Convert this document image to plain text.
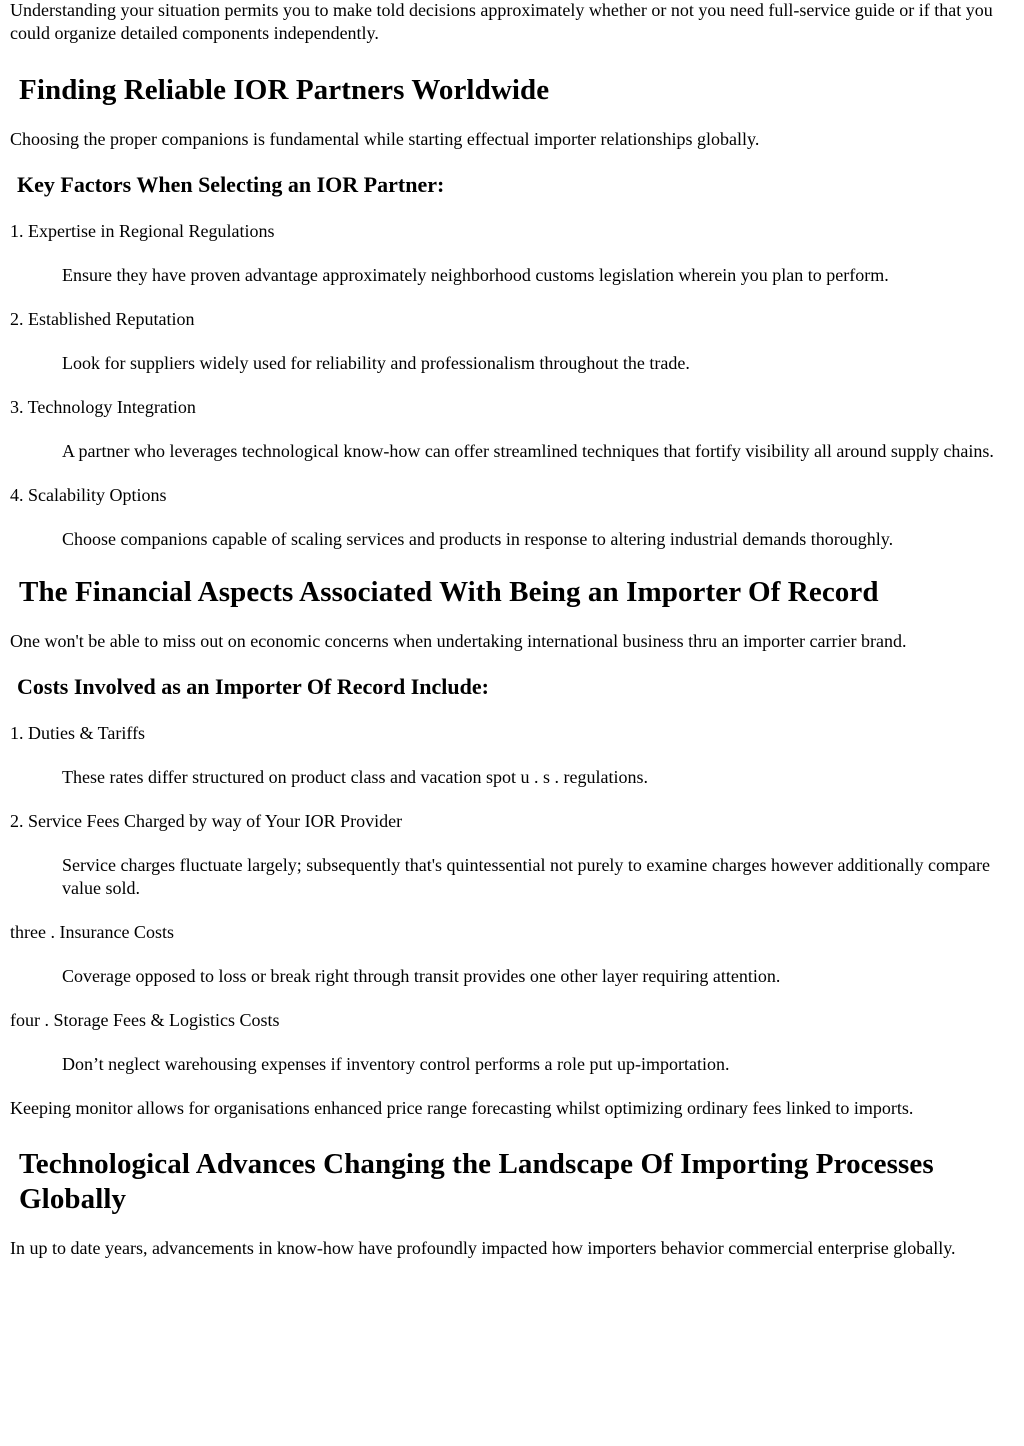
Understanding your situation permits you to make told decisions approximately whether or not you need full-service guide or if that you could organize detailed components independently.

Finding Reliable IOR Partners Worldwide

Choosing the proper companions is fundamental while starting effectual importer relationships globally.

Key Factors When Selecting an IOR Partner:

1. Expertise in Regional Regulations

Ensure they have proven advantage approximately neighborhood customs legislation wherein you plan to perform.

2. Established Reputation

Look for suppliers widely used for reliability and professionalism throughout the trade.

3. Technology Integration

A partner who leverages technological know-how can offer streamlined techniques that fortify visibility all around supply chains.

4. Scalability Options

Choose companions capable of scaling services and products in response to altering industrial demands thoroughly.

The Financial Aspects Associated With Being an Importer Of Record

One won't be able to miss out on economic concerns when undertaking international business thru an importer carrier brand.

Costs Involved as an Importer Of Record Include:

1. Duties & Tariffs

These rates differ structured on product class and vacation spot u . s . regulations.

2. Service Fees Charged by way of Your IOR Provider

Service charges fluctuate largely; subsequently that's quintessential not purely to examine charges however additionally compare value sold.

three . Insurance Costs

Coverage opposed to loss or break right through transit provides one other layer requiring attention.

four . Storage Fees & Logistics Costs

Don’t neglect warehousing expenses if inventory control performs a role put up-importation.

Keeping monitor allows for organisations enhanced price range forecasting whilst optimizing ordinary fees linked to imports.

Technological Advances Changing the Landscape Of Importing Processes Globally

In up to date years, advancements in know-how have profoundly impacted how importers behavior commercial enterprise globally.
